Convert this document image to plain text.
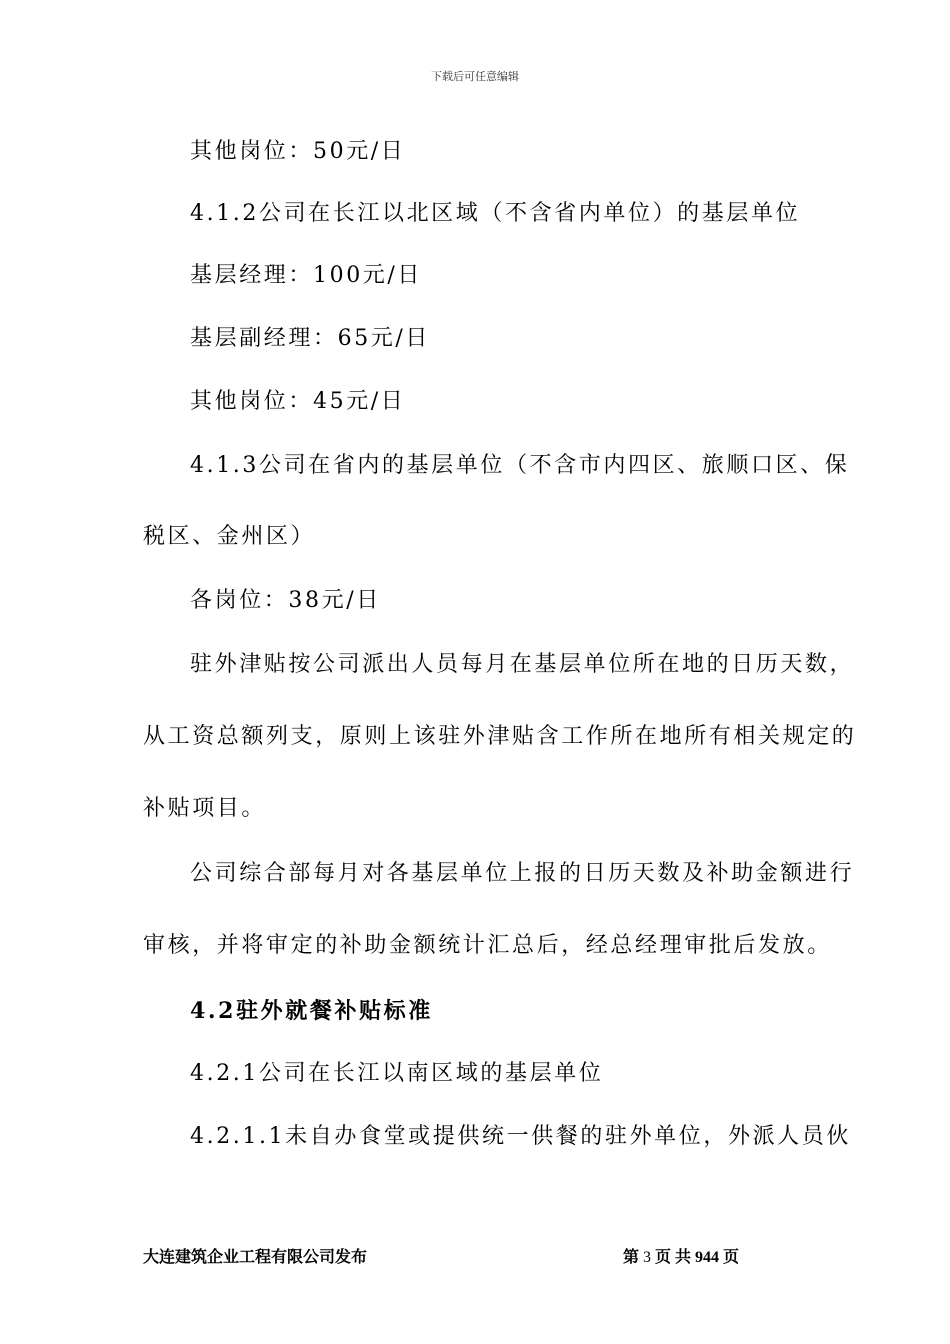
下载后可任意编辑
其他岗位：50元/日
4.1.2公司在长江以北区域（不含省内单位）的基层单位
基层经理：100元/日
基层副经理：65元/日
其他岗位：45元/日
4.1.3公司在省内的基层单位（不含市内四区、旅顺口区、保
税区、金州区）
各岗位：38元/日
驻外津贴按公司派出人员每月在基层单位所在地的日历天数，
从工资总额列支，原则上该驻外津贴含工作所在地所有相关规定的
补贴项目。
公司综合部每月对各基层单位上报的日历天数及补助金额进行
审核，并将审定的补助金额统计汇总后，经总经理审批后发放。
4.2驻外就餐补贴标准
4.2.1公司在长江以南区域的基层单位
4.2.1.1未自办食堂或提供统一供餐的驻外单位，外派人员伙
大连建筑企业工程有限公司发布	第 3 页 共 944 页
